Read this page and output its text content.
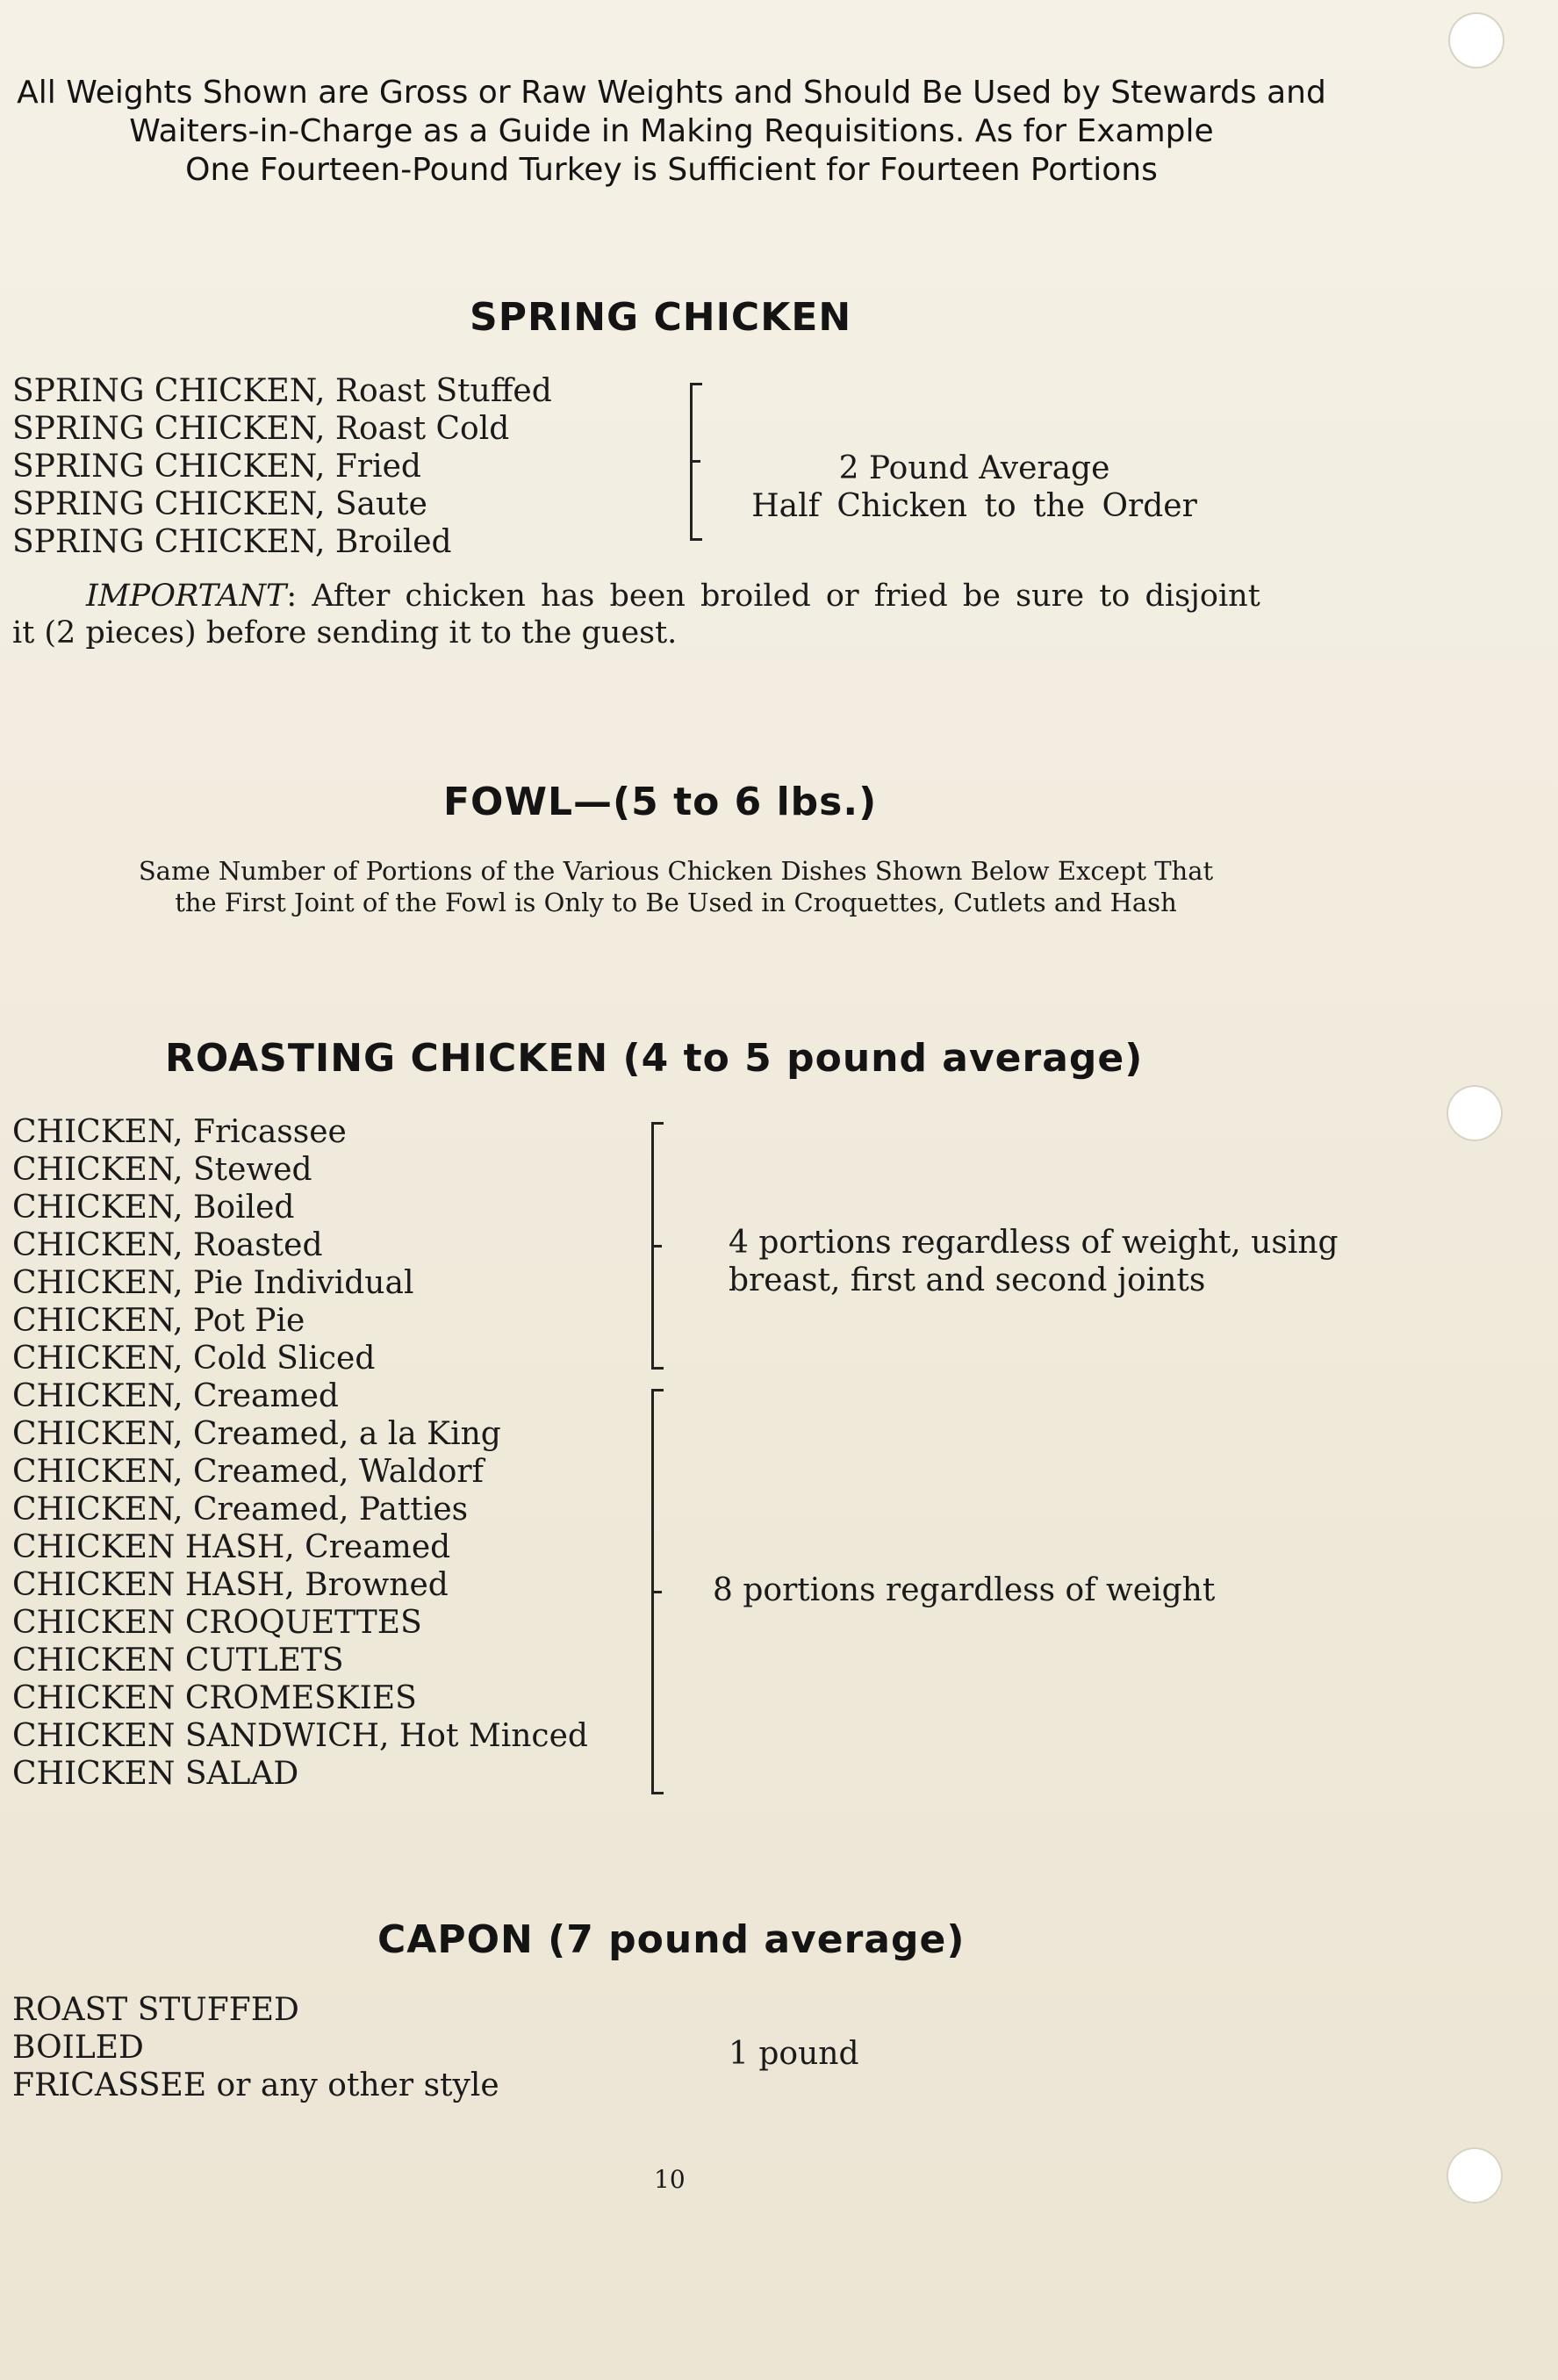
All Weights Shown are Gross or Raw Weights and Should Be Used by Stewards and
Waiters-in-Charge as a Guide in Making Requisitions. As for Example
One Fourteen-Pound Turkey is Sufficient for Fourteen Portions
SPRING CHICKEN
SPRING CHICKEN, Roast Stuffed
SPRING CHICKEN, Roast Cold
SPRING CHICKEN, Fried
SPRING CHICKEN, Saute
SPRING CHICKEN, Broiled
2 Pound Average
Half Chicken to the Order
IMPORTANT: After chicken has been broiled or fried be sure to disjoint
it (2 pieces) before sending it to the guest.
FOWL—(5 to 6 lbs.)
Same Number of Portions of the Various Chicken Dishes Shown Below Except That
the First Joint of the Fowl is Only to Be Used in Croquettes, Cutlets and Hash
ROASTING CHICKEN (4 to 5 pound average)
CHICKEN, Fricassee
CHICKEN, Stewed
CHICKEN, Boiled
CHICKEN, Roasted
CHICKEN, Pie Individual
CHICKEN, Pot Pie
CHICKEN, Cold Sliced
4 portions regardless of weight, using
breast, first and second joints
CHICKEN, Creamed
CHICKEN, Creamed, a la King
CHICKEN, Creamed, Waldorf
CHICKEN, Creamed, Patties
CHICKEN HASH, Creamed
CHICKEN HASH, Browned
CHICKEN CROQUETTES
CHICKEN CUTLETS
CHICKEN CROMESKIES
CHICKEN SANDWICH, Hot Minced
CHICKEN SALAD
8 portions regardless of weight
CAPON (7 pound average)
ROAST STUFFED
BOILED
FRICASSEE or any other style
1 pound
10
